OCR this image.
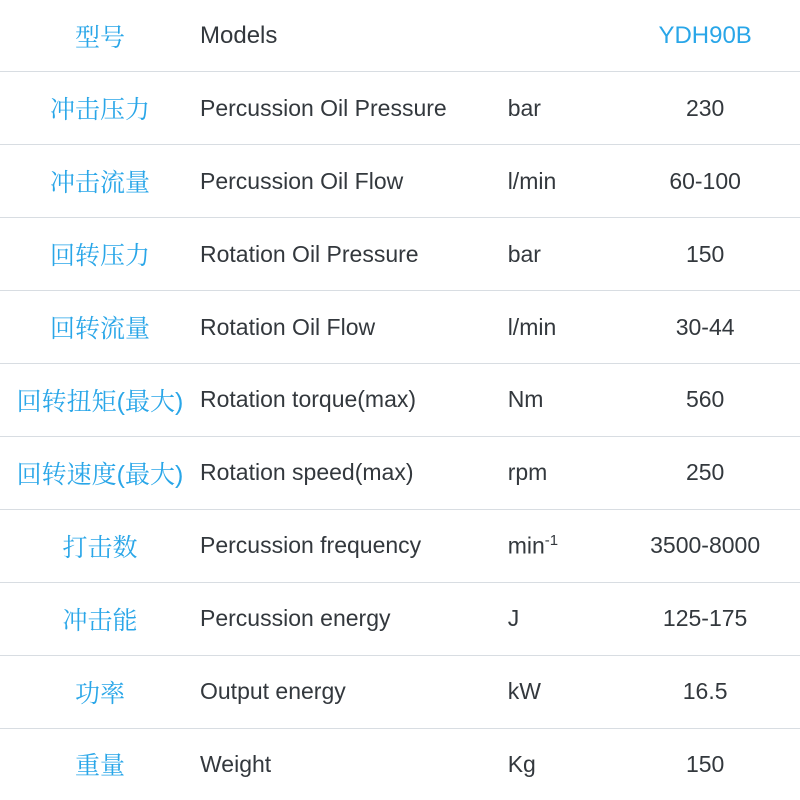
型号	Models		YDH90B
冲击压力	Percussion Oil Pressure	bar	230
冲击流量	Percussion Oil Flow	l/min	60-100
回转压力	Rotation Oil Pressure	bar	150
回转流量	Rotation Oil Flow	l/min	30-44
回转扭矩(最大)	Rotation torque(max)	Nm	560
回转速度(最大)	Rotation speed(max)	rpm	250
打击数	Percussion frequency	$\min^{-1}$	3500-8000
冲击能	Percussion energy	J	125-175
功率	Output energy	kW	16.5
重量	Weight	Kg	150
